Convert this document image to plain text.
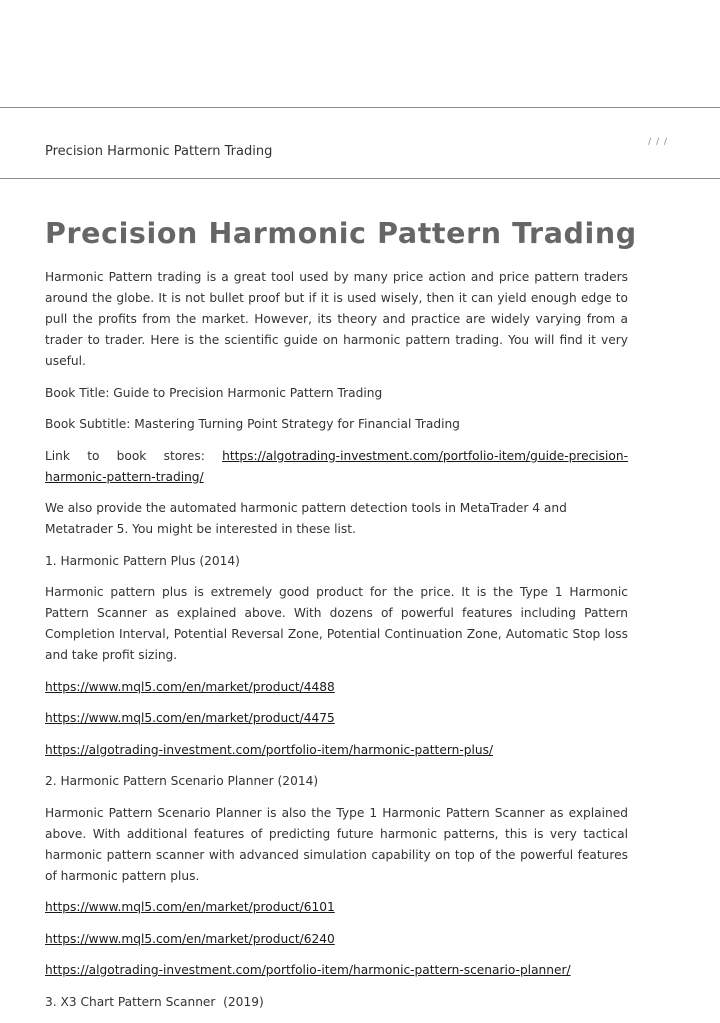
Precision Harmonic Pattern Trading
/ / /
Precision Harmonic Pattern Trading

Harmonic Pattern trading is a great tool used by many price action and price pattern traders around the globe. It is not bullet proof but if it is used wisely, then it can yield enough edge to pull the profits from the market. However, its theory and practice are widely varying from a trader to trader. Here is the scientific guide on harmonic pattern trading. You will find it very useful.

Book Title: Guide to Precision Harmonic Pattern Trading

Book Subtitle: Mastering Turning Point Strategy for Financial Trading

Link to book stores: https://algotrading-investment.com/portfolio-item/guide-precision-harmonic-pattern-trading/

We also provide the automated harmonic pattern detection tools in MetaTrader 4 and Metatrader 5. You might be interested in these list.

1. Harmonic Pattern Plus (2014)

Harmonic pattern plus is extremely good product for the price. It is the Type 1 Harmonic Pattern Scanner as explained above. With dozens of powerful features including Pattern Completion Interval, Potential Reversal Zone, Potential Continuation Zone, Automatic Stop loss and take profit sizing.

https://www.mql5.com/en/market/product/4488

https://www.mql5.com/en/market/product/4475

https://algotrading-investment.com/portfolio-item/harmonic-pattern-plus/

2. Harmonic Pattern Scenario Planner (2014)

Harmonic Pattern Scenario Planner is also the Type 1 Harmonic Pattern Scanner as explained above. With additional features of predicting future harmonic patterns, this is very tactical harmonic pattern scanner with advanced simulation capability on top of the powerful features of harmonic pattern plus.

https://www.mql5.com/en/market/product/6101

https://www.mql5.com/en/market/product/6240

https://algotrading-investment.com/portfolio-item/harmonic-pattern-scenario-planner/

3. X3 Chart Pattern Scanner  (2019)
